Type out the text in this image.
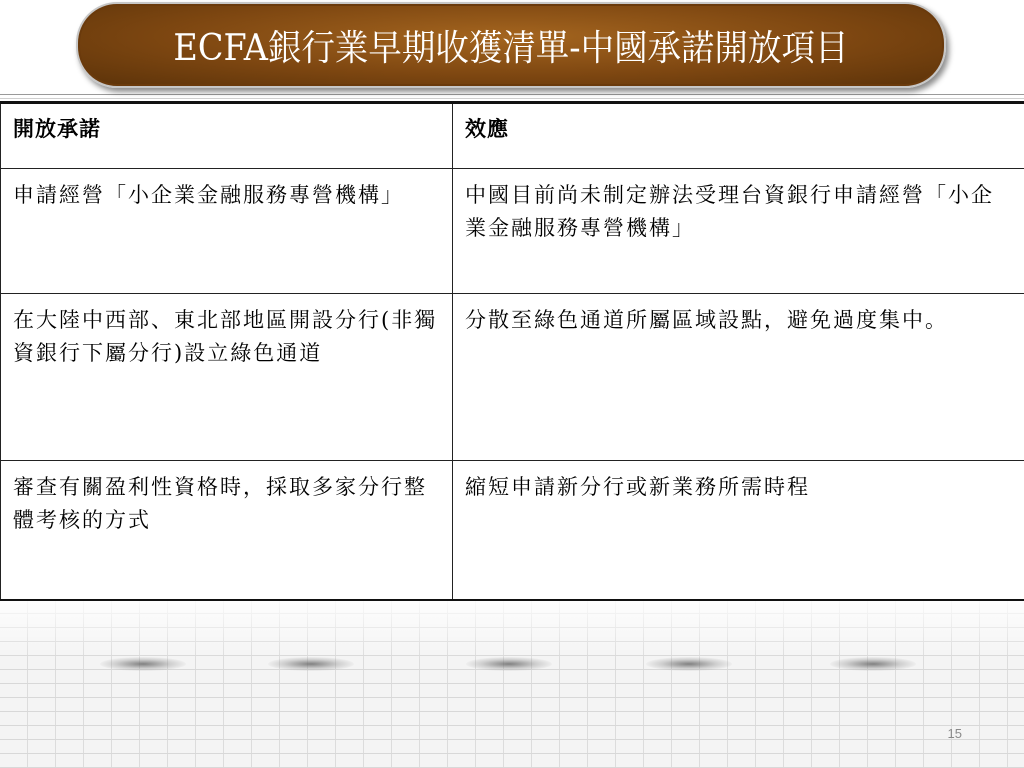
ECFA銀行業早期收獲清單-中國承諾開放項目
開放承諾	效應
申請經營「小企業金融服務專營機構」	中國目前尚未制定辦法受理台資銀行申請經營「小企業金融服務專營機構」
在大陸中西部、東北部地區開設分行(非獨資銀行下屬分行)設立綠色通道	分散至綠色通道所屬區域設點，避免過度集中。
審查有關盈利性資格時，採取多家分行整體考核的方式	縮短申請新分行或新業務所需時程
15
